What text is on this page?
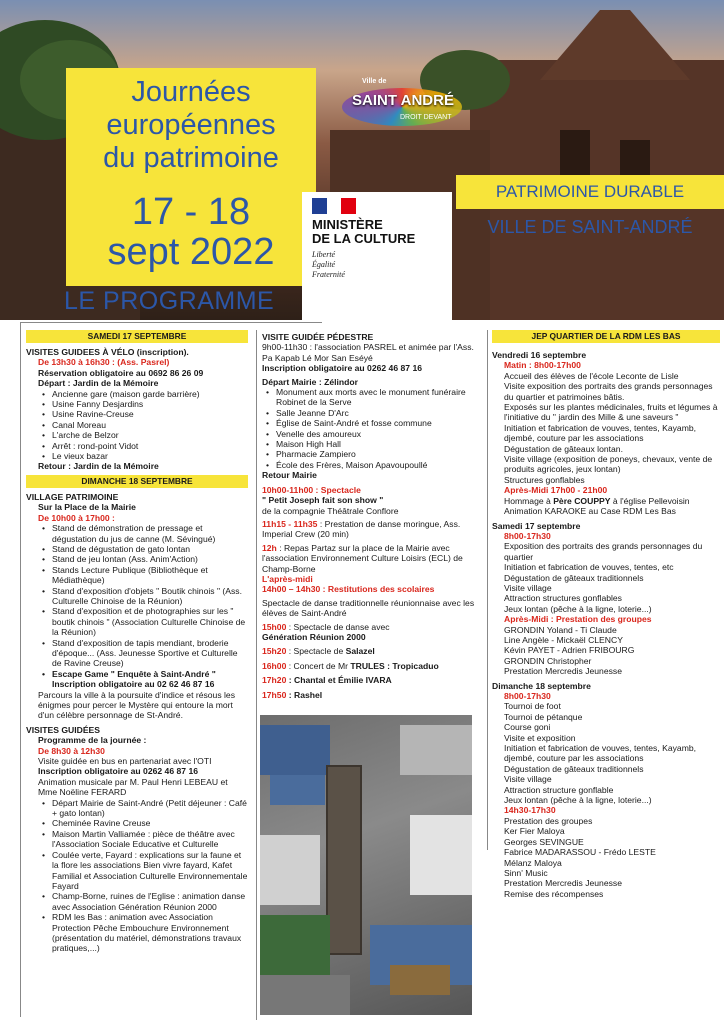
Journées
européennes
du patrimoine
17 - 18
sept 2022
Ville de
SAINT ANDRÉ
DROIT DEVANT
PATRIMOINE DURABLE
VILLE DE SAINT-ANDRÉ
MINISTÈRE
DE LA CULTURE
Liberté
Égalité
Fraternité
LE PROGRAMME
SAMEDI 17 SEPTEMBRE
VISITES GUIDEES À VÉLO (inscription).
De 13h30 à 16h30 : (Ass. Pasrel)
Réservation obligatoire au 0692 86 26 09
Départ : Jardin de la Mémoire
• Ancienne gare (maison garde barrière)
• Usine Fanny Desjardins
• Usine Ravine-Creuse
• Canal Moreau
• L'arche de Belzor
• Arrêt : rond-point Vidot
• Le vieux bazar
Retour : Jardin de la Mémoire
DIMANCHE 18 SEPTEMBRE
VILLAGE PATRIMOINE
Sur la Place de la Mairie
De 10h00 à 17h00 :
• Stand de démonstration de pressage et dégustation du jus de canne (M. Sévingué)
• Stand de dégustation de gato lontan
• Stand de jeu lontan (Ass. Anim'Action)
• Stands Lecture Publique (Bibliothèque et Médiathèque)
• Stand d'exposition d'objets " Boutik chinois " (Ass. Culturelle Chinoise de la Réunion)
• Stand d'exposition et de photographies sur les " boutik chinois " (Association Culturelle Chinoise de la Réunion)
• Stand d'exposition de tapis mendiant, broderie d'époque... (Ass. Jeunesse Sportive et Culturelle de Ravine Creuse)
• Escape Game " Enquête à Saint-André " Inscription obligatoire au 02 62 46 87 16
Parcours la ville à la poursuite d'indice et résous les énigmes pour percer le Mystère qui entoure la mort d'un célèbre personnage de St-André.
VISITES GUIDÉES
Programme de la journée :
De 8h30 à 12h30
Visite guidée en bus en partenariat avec l'OTI
Inscription obligatoire au 0262 46 87 16
Animation musicale par M. Paul Henri LEBEAU et Mme Noëline FERARD
• Départ Mairie de Saint-André (Petit déjeuner : Café + gato lontan)
• Cheminée Ravine Creuse
• Maison Martin Valliamée : pièce de théâtre avec l'Association Sociale Educative et Culturelle
• Coulée verte, Fayard : explications sur la faune et la flore les associations Bien vivre fayard, Kafet Familial et Association Culturelle Environnementale Fayard
• Champ-Borne, ruines de l'Eglise : animation danse avec Association Génération Réunion 2000
• RDM les Bas : animation avec Association Protection Pêche Embouchure Environnement (présentation du matériel, démonstrations travaux pratiques,...)
VISITE GUIDÉE PÉDESTRE
9h00-11h30 : l'association PASREL et animée par l'Ass. Pa Kapab Lé Mor San Eséyé
Inscription obligatoire au 0262 46 87 16
Départ Mairie : Zélindor
• Monument aux morts avec le monument funéraire Robinet de la Serve
• Salle Jeanne D'Arc
• Église de Saint-André et fosse commune
• Venelle des amoureux
• Maison High Hall
• Pharmacie Zampiero
• École des Frères, Maison Apavoupoullé
Retour Mairie
10h00-11h00 : Spectacle
" Petit Joseph fait son show "
de la compagnie Théâtrale Conflore
11h15 - 11h35 : Prestation de danse moringue, Ass. Imperial Crew (20 min)
12h : Repas Partaz sur la place de la Mairie avec l'association Environnement Culture Loisirs (ECL) de Champ-Borne
L'après-midi
14h00 – 14h30 : Restitutions des scolaires
Spectacle de danse traditionnelle réunionnaise avec les élèves de Saint-André
15h00 : Spectacle de danse avec
Génération Réunion 2000
15h20 : Spectacle de Salazel
16h00 : Concert de Mr TRULES : Tropicaduo
17h20 : Chantal et Émilie IVARA
17h50 : Rashel
JEP QUARTIER DE LA RDM LES BAS
Vendredi 16 septembre
Matin : 8h00-17h00
Accueil des élèves de l'école Leconte de Lisle
Visite exposition des portraits des grands personnages du quartier et patrimoines bâtis.
Exposés sur les plantes médicinales, fruits et légumes à l'initiative du " jardin des Mille & une saveurs "
Initiation et fabrication de vouves, tentes, Kayamb, djembé, couture par les associations
Dégustation de gâteaux lontan.
Visite village (exposition de poneys, chevaux, vente de produits agricoles, jeux lontan)
Structures gonflables
Après-Midi 17h00 - 21h00
Hommage à Père COUPPY à l'église Pellevoisin
Animation KARAOKE au Case RDM Les Bas
Samedi 17 septembre
8h00-17h30
Exposition des portraits des grands personnages du quartier
Initiation et fabrication de vouves, tentes, etc
Dégustation de gâteaux traditionnels
Visite village
Attraction structures gonflables
Jeux lontan (pêche à la ligne, loterie...)
Après-Midi : Prestation des groupes
GRONDIN Yoland - Ti Claude
Line Angèle - Mickaël CLENCY
Kévin PAYET - Adrien FRIBOURG
GRONDIN Christopher
Prestation Mercredis Jeunesse
Dimanche 18 septembre
8h00-17h30
Tournoi de foot
Tournoi de pétanque
Course goni
Visite et exposition
Initiation et fabrication de vouves, tentes, Kayamb, djembé, couture par les associations
Dégustation de gâteaux traditionnels
Visite village
Attraction structure gonflable
Jeux lontan (pêche à la ligne, loterie...)
14h30-17h30
Prestation des groupes
Ker Fier Maloya
Georges SEVINGUE
Fabrice MADARASSOU - Frédo LESTE
Mélanz Maloya
Sinn' Music
Prestation Mercredis Jeunesse
Remise des récompenses
